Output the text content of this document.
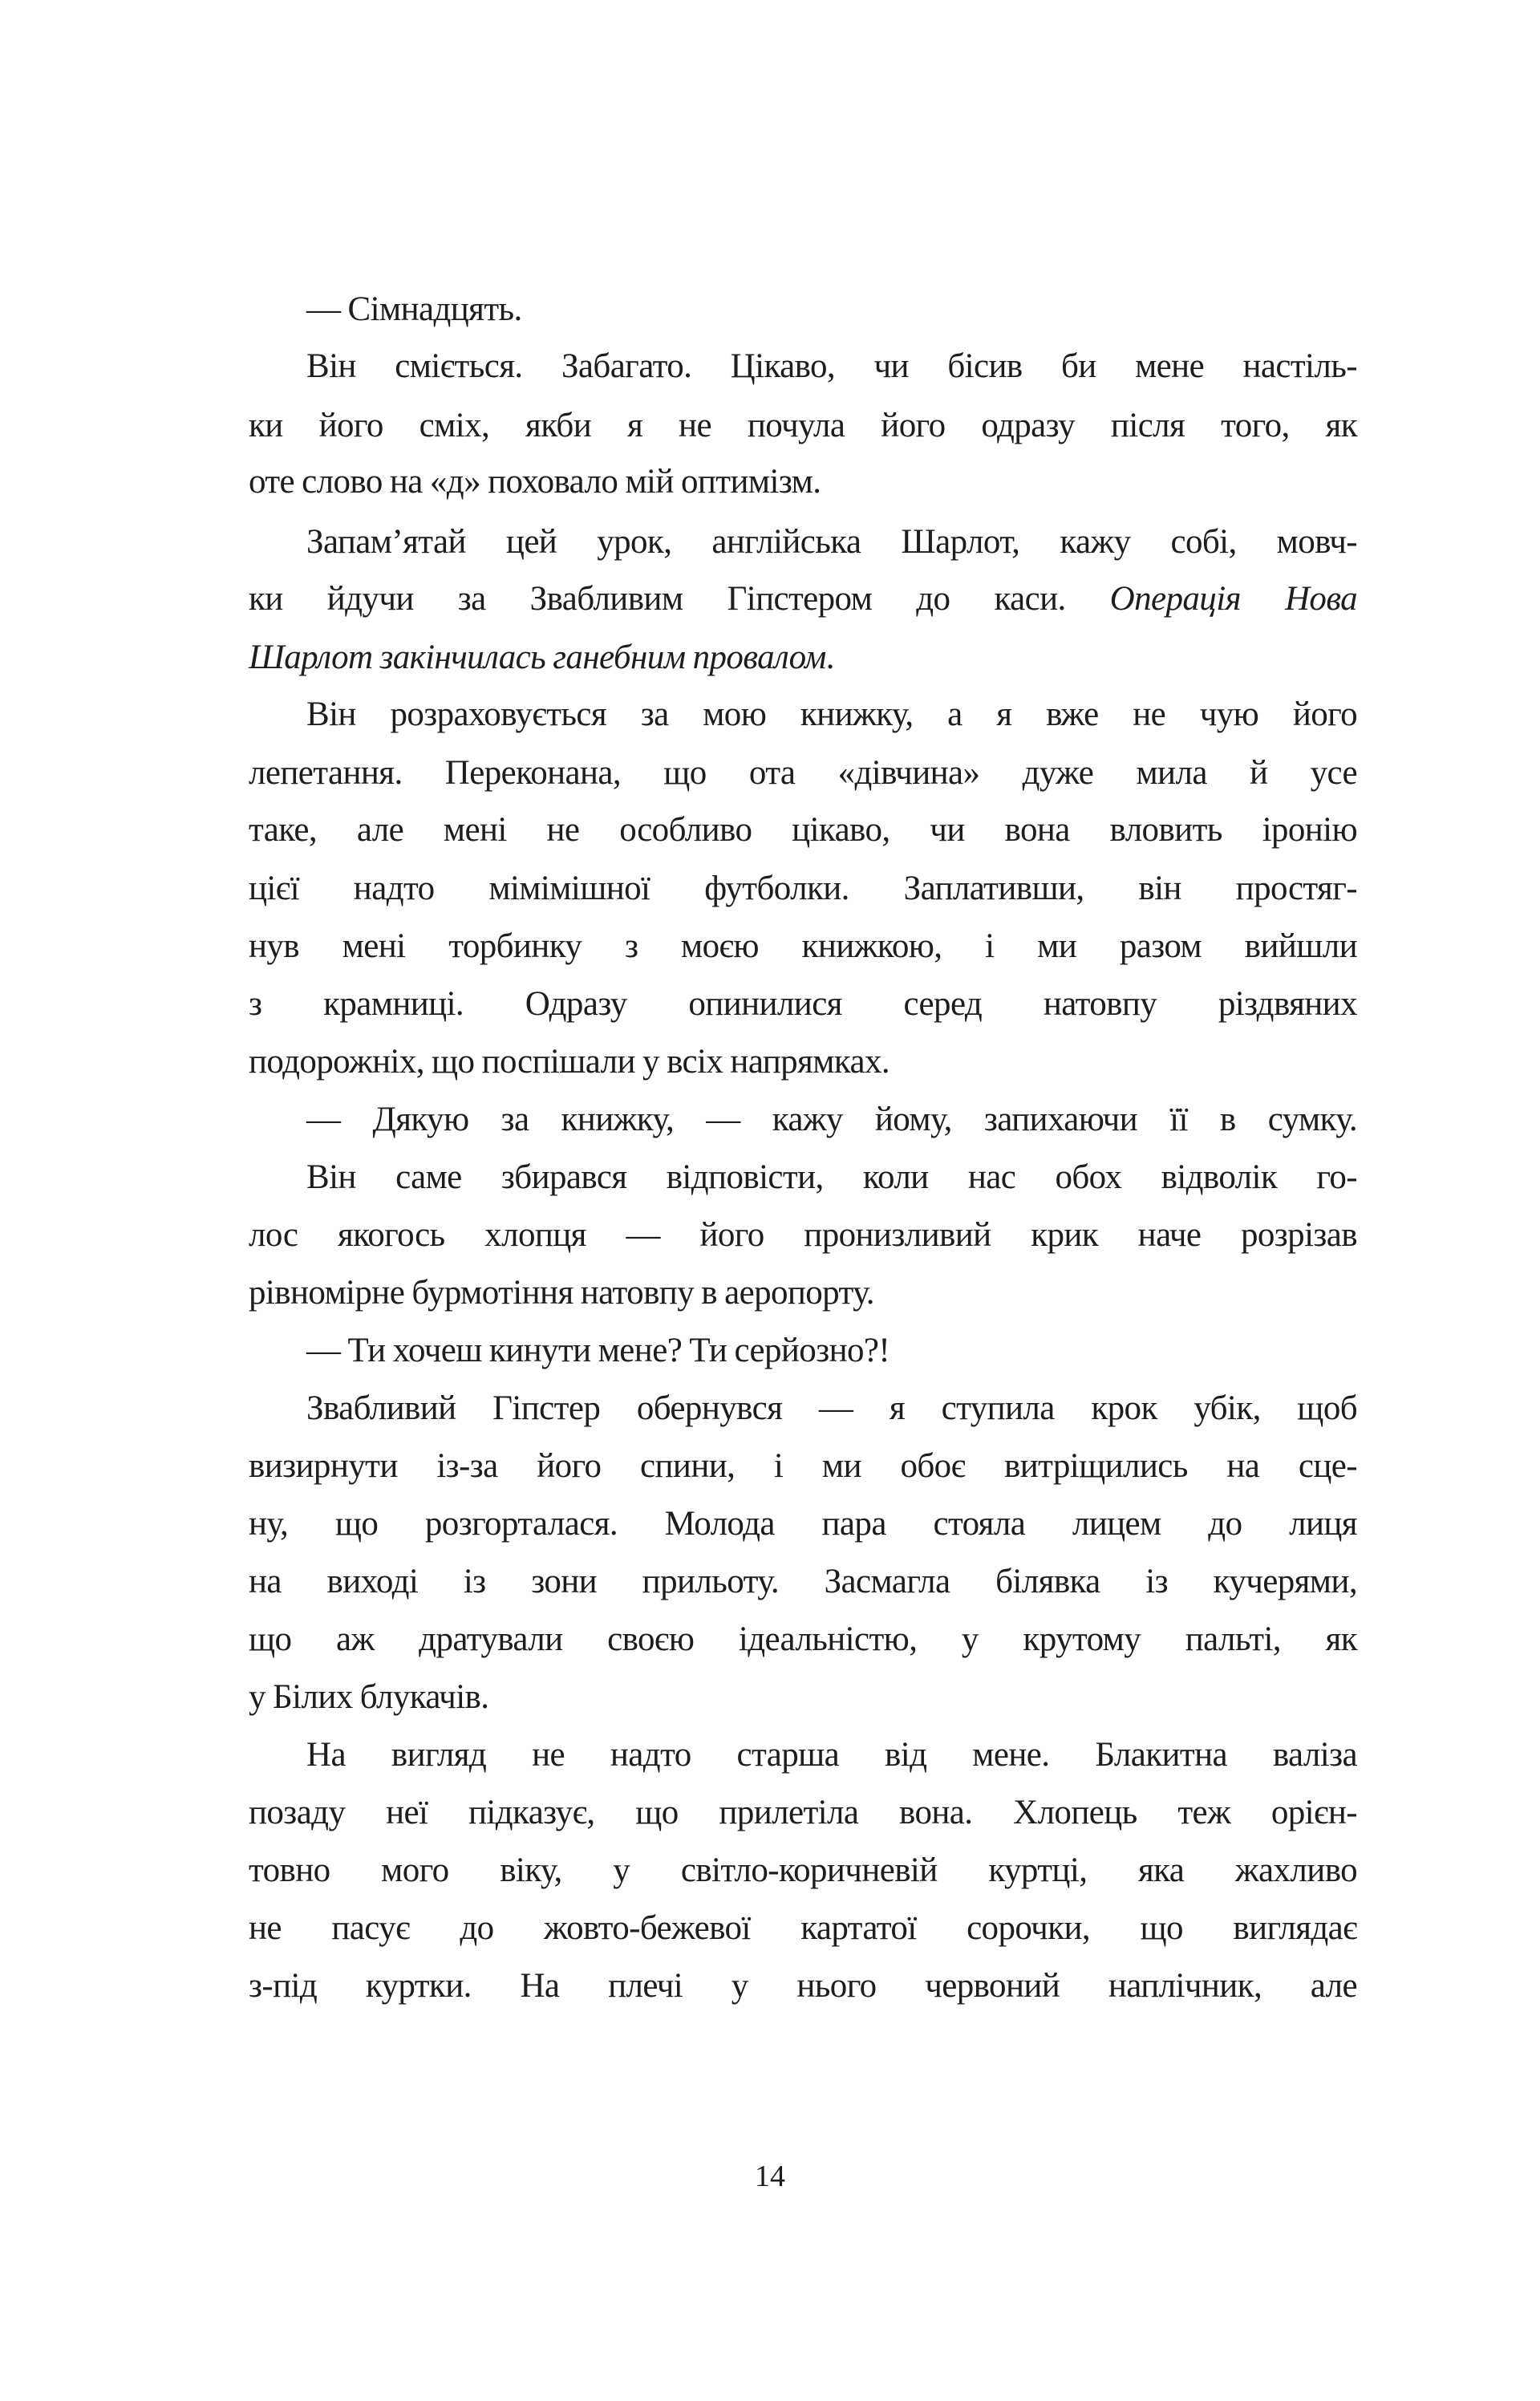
— Сімнадцять.
Він сміється. Забагато. Цікаво, чи бісив би мене настіль-
ки його сміх, якби я не почула його одразу після того, як
оте слово на «д» поховало мій оптимізм.
Запам’ятай цей урок, англійська Шарлот, кажу собі, мовч-
ки йдучи за Звабливим Гіпстером до каси. Операція Нова
Шарлот закінчилась ганебним провалом.
Він розраховується за мою книжку, а я вже не чую його
лепетання. Переконана, що ота «дівчина» дуже мила й усе
таке, але мені не особливо цікаво, чи вона вловить іронію
цієї надто мімімішної футболки. Заплативши, він простяг-
нув мені торбинку з моєю книжкою, і ми разом вийшли
з крамниці. Одразу опинилися серед натовпу різдвяних
подорожніх, що поспішали у всіх напрямках.
— Дякую за книжку, — кажу йому, запихаючи її в сумку.
Він саме збирався відповісти, коли нас обох відволік го-
лос якогось хлопця — його пронизливий крик наче розрізав
рівномірне бурмотіння натовпу в аеропорту.
— Ти хочеш кинути мене? Ти серйозно?!
Звабливий Гіпстер обернувся — я ступила крок убік, щоб
визирнути із-за його спини, і ми обоє витріщились на сце-
ну, що розгорталася. Молода пара стояла лицем до лиця
на виході із зони прильоту. Засмагла білявка із кучерями,
що аж дратували своєю ідеальністю, у крутому пальті, як
у Білих блукачів.
На вигляд не надто старша від мене. Блакитна валіза
позаду неї підказує, що прилетіла вона. Хлопець теж орієн-
товно мого віку, у світло-коричневій куртці, яка жахливо
не пасує до жовто-бежевої картатої сорочки, що виглядає
з-під куртки. На плечі у нього червоний наплічник, але
14
